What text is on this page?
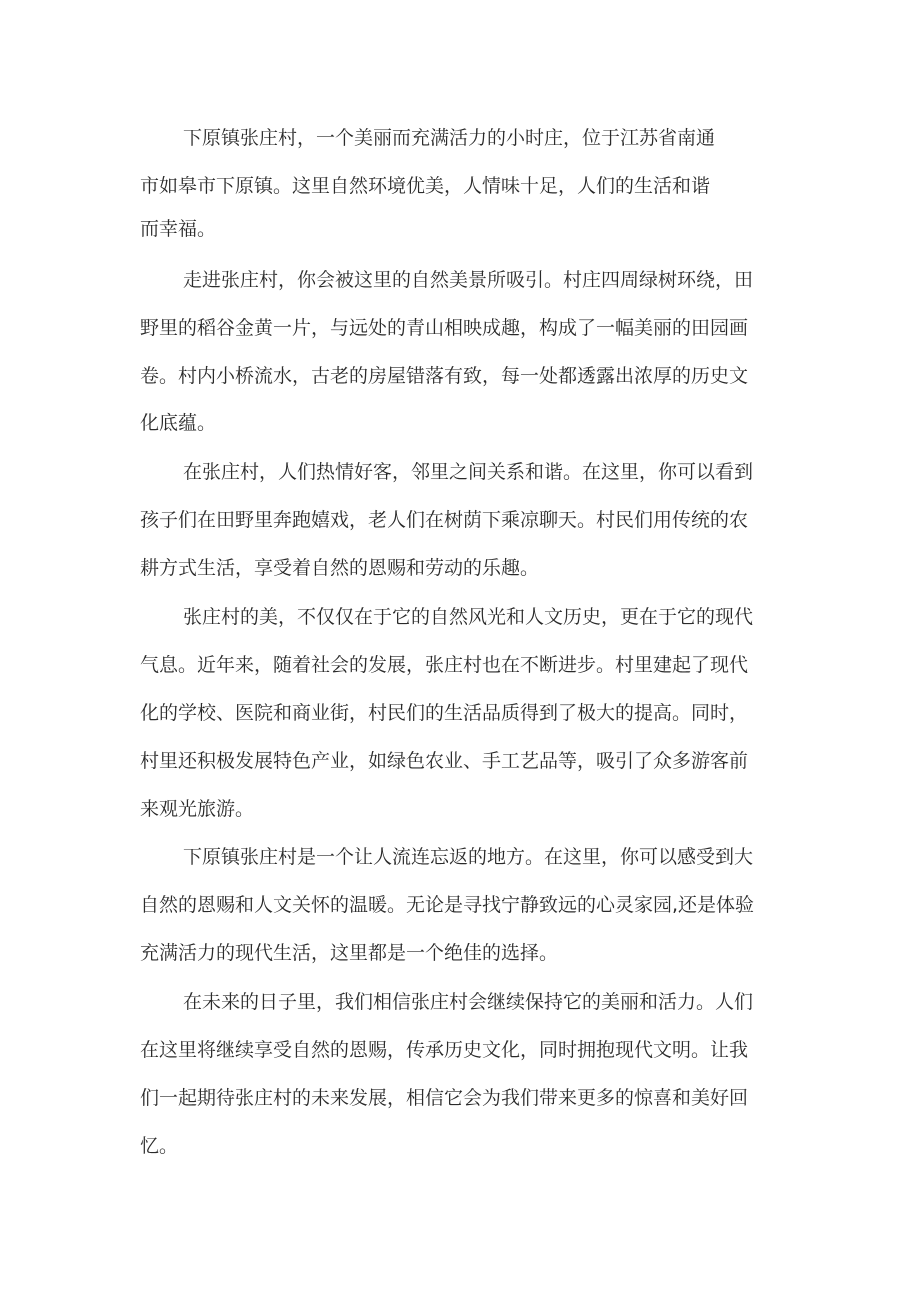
下原镇张庄村，一个美丽而充满活力的小时庄，位于江苏省南通
市如皋市下原镇。这里自然环境优美，人情味十足，人们的生活和谐
而幸福。
走进张庄村，你会被这里的自然美景所吸引。村庄四周绿树环绕，田
野里的稻谷金黄一片，与远处的青山相映成趣，构成了一幅美丽的田园画
卷。村内小桥流水，古老的房屋错落有致，每一处都透露出浓厚的历史文
化底蕴。
在张庄村，人们热情好客，邻里之间关系和谐。在这里，你可以看到
孩子们在田野里奔跑嬉戏，老人们在树荫下乘凉聊天。村民们用传统的农
耕方式生活，享受着自然的恩赐和劳动的乐趣。
张庄村的美，不仅仅在于它的自然风光和人文历史，更在于它的现代
气息。近年来，随着社会的发展，张庄村也在不断进步。村里建起了现代
化的学校、医院和商业街，村民们的生活品质得到了极大的提高。同时，
村里还积极发展特色产业，如绿色农业、手工艺品等，吸引了众多游客前
来观光旅游。
下原镇张庄村是一个让人流连忘返的地方。在这里，你可以感受到大
自然的恩赐和人文关怀的温暖。无论是寻找宁静致远的心灵家园,还是体验
充满活力的现代生活，这里都是一个绝佳的选择。
在未来的日子里，我们相信张庄村会继续保持它的美丽和活力。人们
在这里将继续享受自然的恩赐，传承历史文化，同时拥抱现代文明。让我
们一起期待张庄村的未来发展，相信它会为我们带来更多的惊喜和美好回
忆。
